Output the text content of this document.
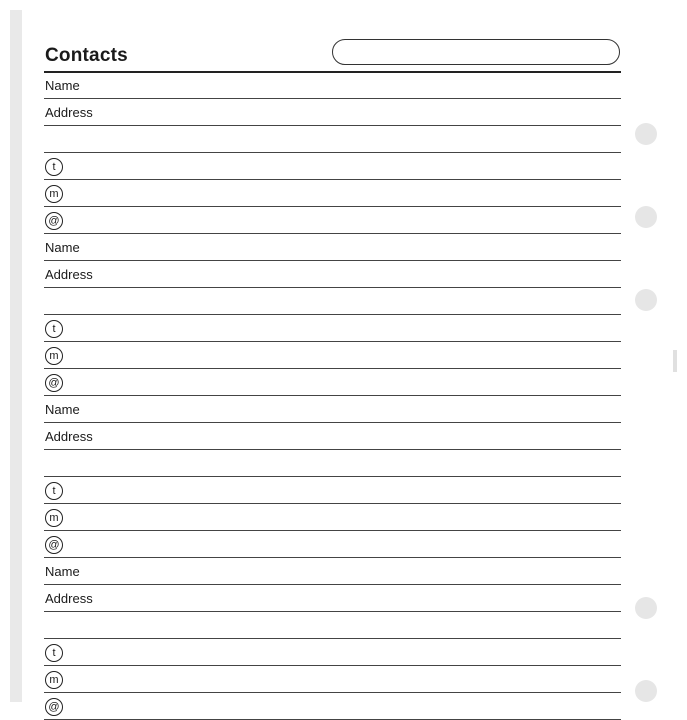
Contacts
Name
Address
t
m
@
Name
Address
t
m
@
Name
Address
t
m
@
Name
Address
t
m
@
